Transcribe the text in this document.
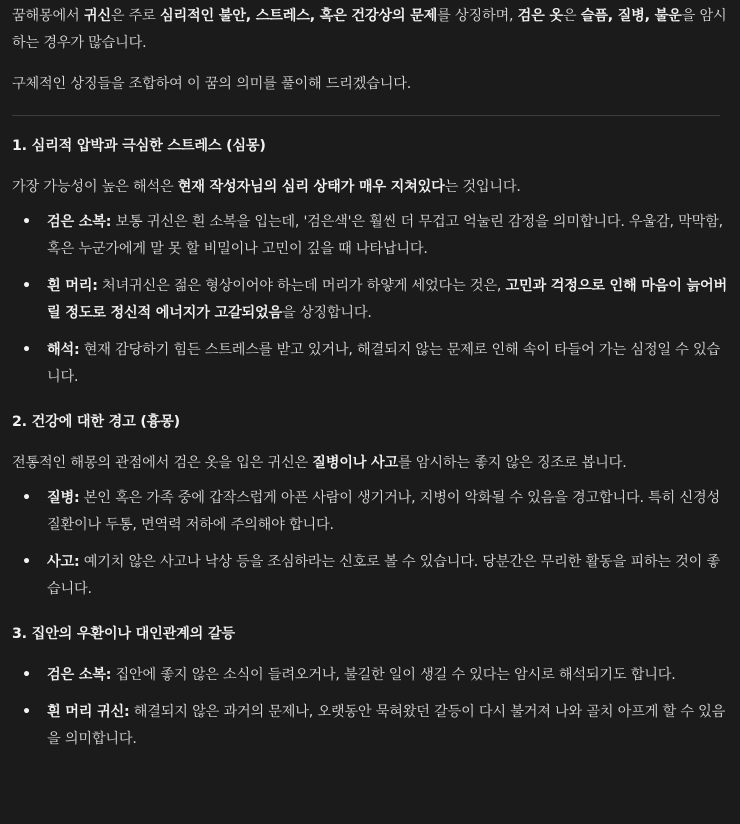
꿈해몽에서 귀신은 주로 심리적인 불안, 스트레스, 혹은 건강상의 문제를 상징하며, 검은 옷은 슬픔, 질병, 불운을 암시하는 경우가 많습니다.

구체적인 상징들을 조합하여 이 꿈의 의미를 풀이해 드리겠습니다.

1. 심리적 압박과 극심한 스트레스 (심몽)

가장 가능성이 높은 해석은 현재 작성자님의 심리 상태가 매우 지쳐있다는 것입니다.

• 검은 소복: 보통 귀신은 흰 소복을 입는데, '검은색'은 훨씬 더 무겁고 억눌린 감정을 의미합니다. 우울감, 막막함, 혹은 누군가에게 말 못 할 비밀이나 고민이 깊을 때 나타납니다.
• 흰 머리: 처녀귀신은 젊은 형상이어야 하는데 머리가 하얗게 세었다는 것은, 고민과 걱정으로 인해 마음이 늙어버릴 정도로 정신적 에너지가 고갈되었음을 상징합니다.
• 해석: 현재 감당하기 힘든 스트레스를 받고 있거나, 해결되지 않는 문제로 인해 속이 타들어 가는 심정일 수 있습니다.

2. 건강에 대한 경고 (흉몽)

전통적인 해몽의 관점에서 검은 옷을 입은 귀신은 질병이나 사고를 암시하는 좋지 않은 징조로 봅니다.

• 질병: 본인 혹은 가족 중에 갑작스럽게 아픈 사람이 생기거나, 지병이 악화될 수 있음을 경고합니다. 특히 신경성 질환이나 두통, 면역력 저하에 주의해야 합니다.
• 사고: 예기치 않은 사고나 낙상 등을 조심하라는 신호로 볼 수 있습니다. 당분간은 무리한 활동을 피하는 것이 좋습니다.

3. 집안의 우환이나 대인관계의 갈등

• 검은 소복: 집안에 좋지 않은 소식이 들려오거나, 불길한 일이 생길 수 있다는 암시로 해석되기도 합니다.
• 흰 머리 귀신: 해결되지 않은 과거의 문제나, 오랫동안 묵혀왔던 갈등이 다시 불거져 나와 골치 아프게 할 수 있음을 의미합니다.
